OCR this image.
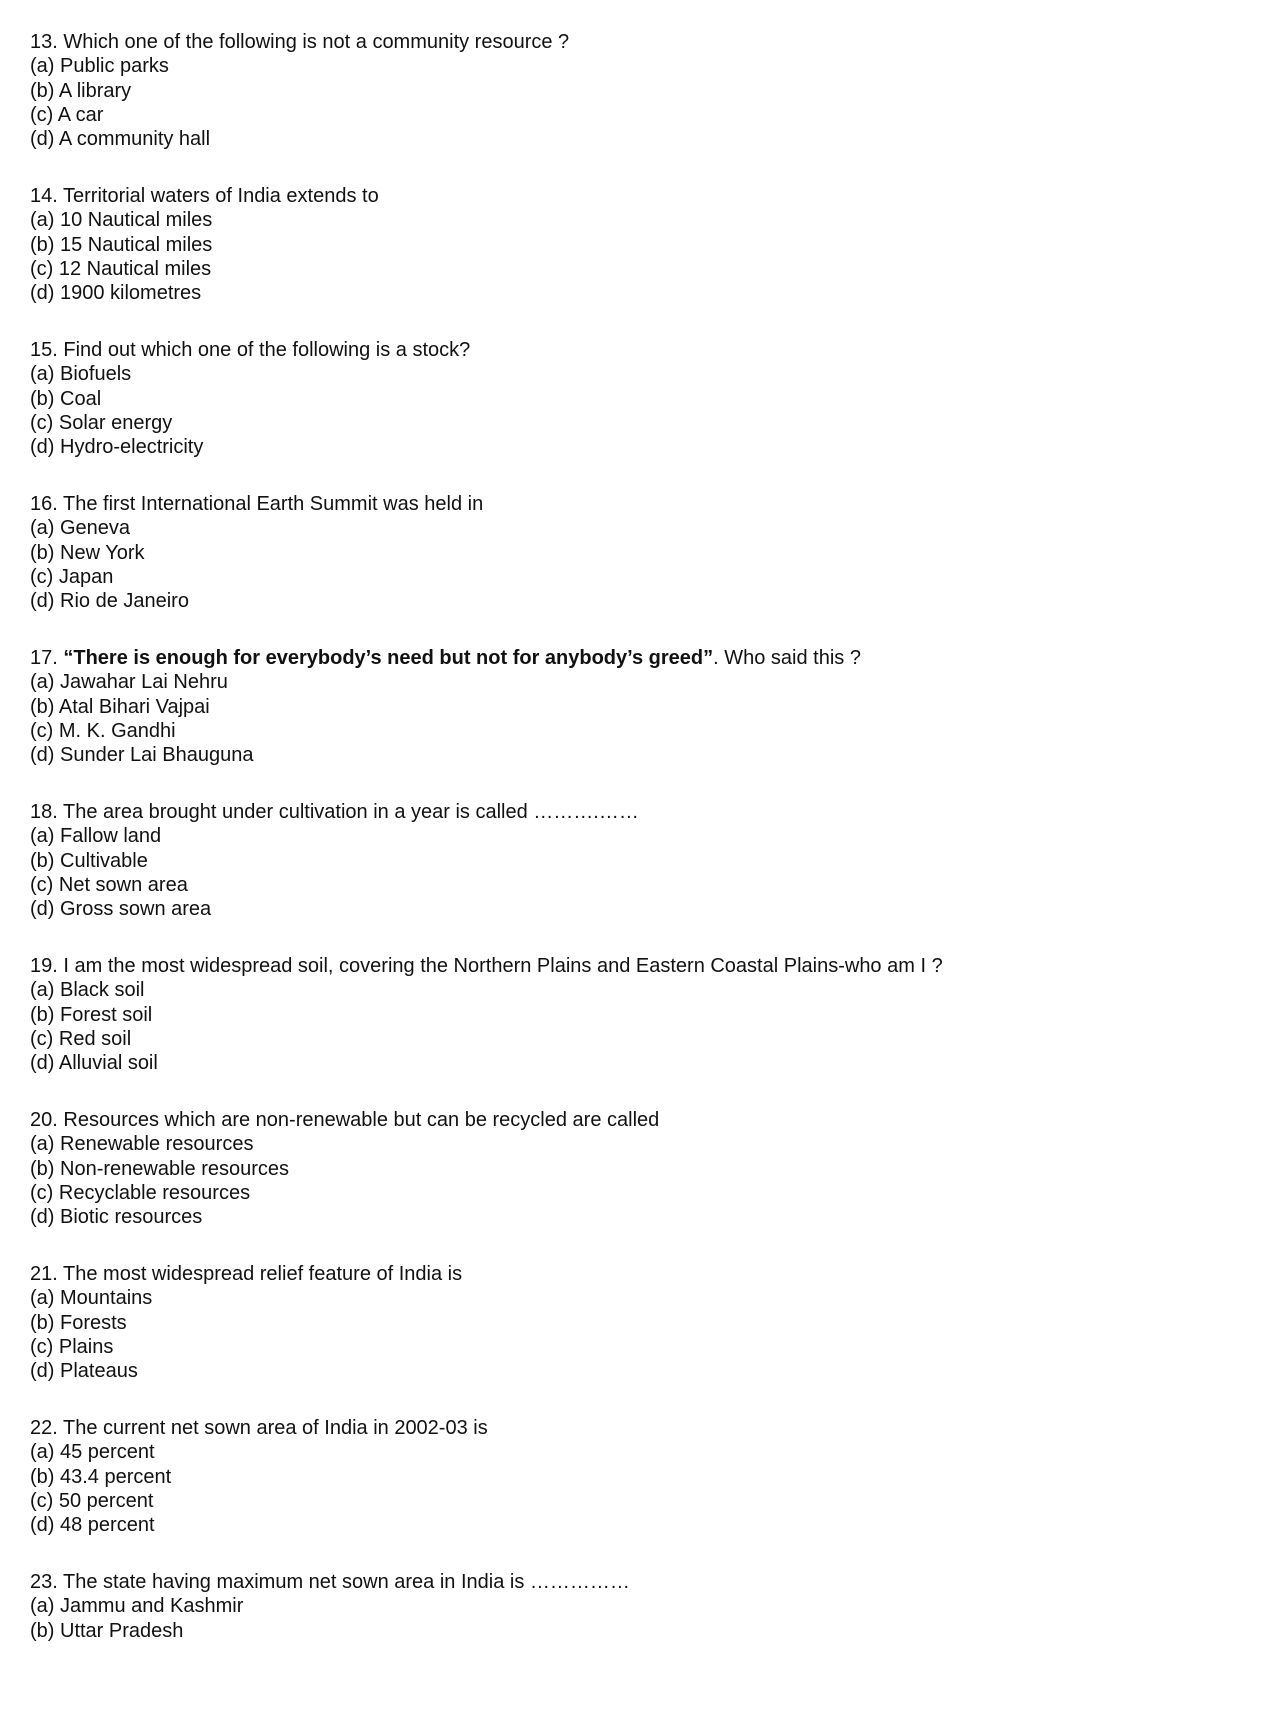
13. Which one of the following is not a community resource ?
(a) Public parks
(b) A library
(c) A car
(d) A community hall
14. Territorial waters of India extends to
(a) 10 Nautical miles
(b) 15 Nautical miles
(c) 12 Nautical miles
(d) 1900 kilometres
15. Find out which one of the following is a stock?
(a) Biofuels
(b) Coal
(c) Solar energy
(d) Hydro-electricity
16. The first International Earth Summit was held in
(a) Geneva
(b) New York
(c) Japan
(d) Rio de Janeiro
17. “There is enough for everybody’s need but not for anybody’s greed”. Who said this ?
(a) Jawahar Lai Nehru
(b) Atal Bihari Vajpai
(c) M. K. Gandhi
(d) Sunder Lai Bhauguna
18. The area brought under cultivation in a year is called ……….……
(a) Fallow land
(b) Cultivable
(c) Net sown area
(d) Gross sown area
19. I am the most widespread soil, covering the Northern Plains and Eastern Coastal Plains-who am I ?
(a) Black soil
(b) Forest soil
(c) Red soil
(d) Alluvial soil
20. Resources which are non-renewable but can be recycled are called
(a) Renewable resources
(b) Non-renewable resources
(c) Recyclable resources
(d) Biotic resources
21. The most widespread relief feature of India is
(a) Mountains
(b) Forests
(c) Plains
(d) Plateaus
22. The current net sown area of India in 2002-03 is
(a) 45 percent
(b) 43.4 percent
(c) 50 percent
(d) 48 percent
23. The state having maximum net sown area in India is ……………
(a) Jammu and Kashmir
(b) Uttar Pradesh
